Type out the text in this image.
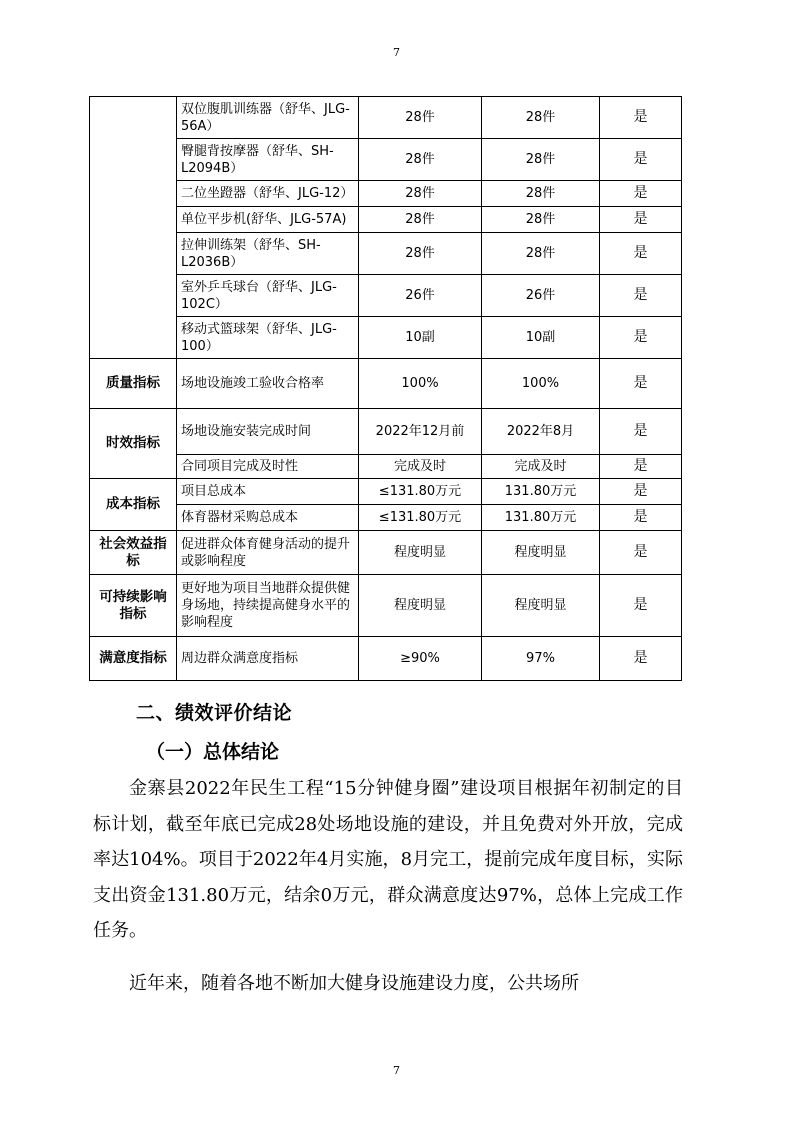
7
	双位腹肌训练器（舒华、JLG-56A）	28件	28件	是
	臀腿背按摩器（舒华、SH-L2094B）	28件	28件	是
	二位坐蹬器（舒华、JLG-12）	28件	28件	是
	单位平步机(舒华、JLG-57A)	28件	28件	是
	拉伸训练架（舒华、SH-L2036B）	28件	28件	是
	室外乒乓球台（舒华、JLG-102C）	26件	26件	是
	移动式篮球架（舒华、JLG-100）	10副	10副	是
质量指标	场地设施竣工验收合格率	100%	100%	是
时效指标	场地设施安装完成时间	2022年12月前	2022年8月	是
	合同项目完成及时性	完成及时	完成及时	是
成本指标	项目总成本	≤131.80万元	131.80万元	是
	体育器材采购总成本	≤131.80万元	131.80万元	是
社会效益指标	促进群众体育健身活动的提升或影响程度	程度明显	程度明显	是
可持续影响指标	更好地为项目当地群众提供健身场地，持续提高健身水平的影响程度	程度明显	程度明显	是
满意度指标	周边群众满意度指标	≥90%	97%	是
二、绩效评价结论
（一）总体结论

金寨县2022年民生工程“15分钟健身圈”建设项目根据年初制定的目标计划，截至年底已完成28处场地设施的建设，并且免费对外开放，完成率达104%。项目于2022年4月实施，8月完工，提前完成年度目标，实际支出资金131.80万元，结余0万元，群众满意度达97%，总体上完成工作任务。

近年来，随着各地不断加大健身设施建设力度，公共场所

7
